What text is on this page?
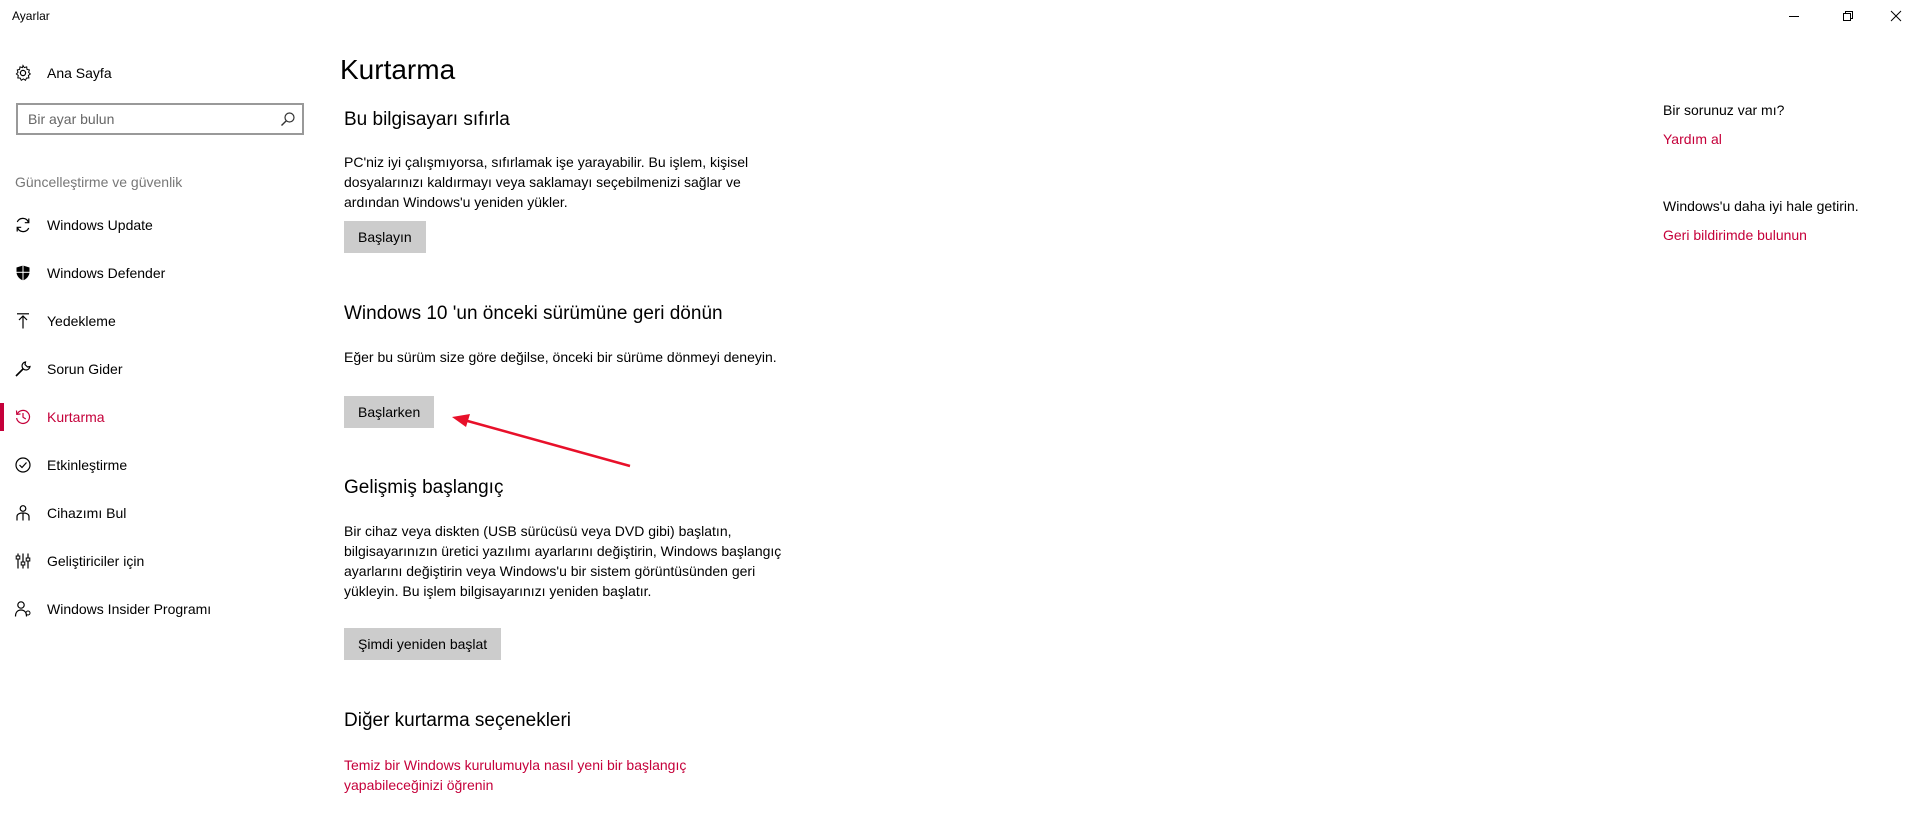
Ayarlar
Ana Sayfa
Bir ayar bulun
Güncelleştirme ve güvenlik
Windows Update
Windows Defender
Yedekleme
Sorun Gider
Kurtarma
Etkinleştirme
Cihazımı Bul
Geliştiriciler için
Windows Insider Programı
Kurtarma
Bu bilgisayarı sıfırla
PC'niz iyi çalışmıyorsa, sıfırlamak işe yarayabilir. Bu işlem, kişisel dosyalarınızı kaldırmayı veya saklamayı seçebilmenizi sağlar ve ardından Windows'u yeniden yükler.
Başlayın
Windows 10 'un önceki sürümüne geri dönün
Eğer bu sürüm size göre değilse, önceki bir sürüme dönmeyi deneyin.
Başlarken
Gelişmiş başlangıç
Bir cihaz veya diskten (USB sürücüsü veya DVD gibi) başlatın, bilgisayarınızın üretici yazılımı ayarlarını değiştirin, Windows başlangıç ayarlarını değiştirin veya Windows'u bir sistem görüntüsünden geri yükleyin. Bu işlem bilgisayarınızı yeniden başlatır.
Şimdi yeniden başlat
Diğer kurtarma seçenekleri
Temiz bir Windows kurulumuyla nasıl yeni bir başlangıç yapabileceğinizi öğrenin
Bir sorunuz var mı?
Yardım al
Windows'u daha iyi hale getirin.
Geri bildirimde bulunun
